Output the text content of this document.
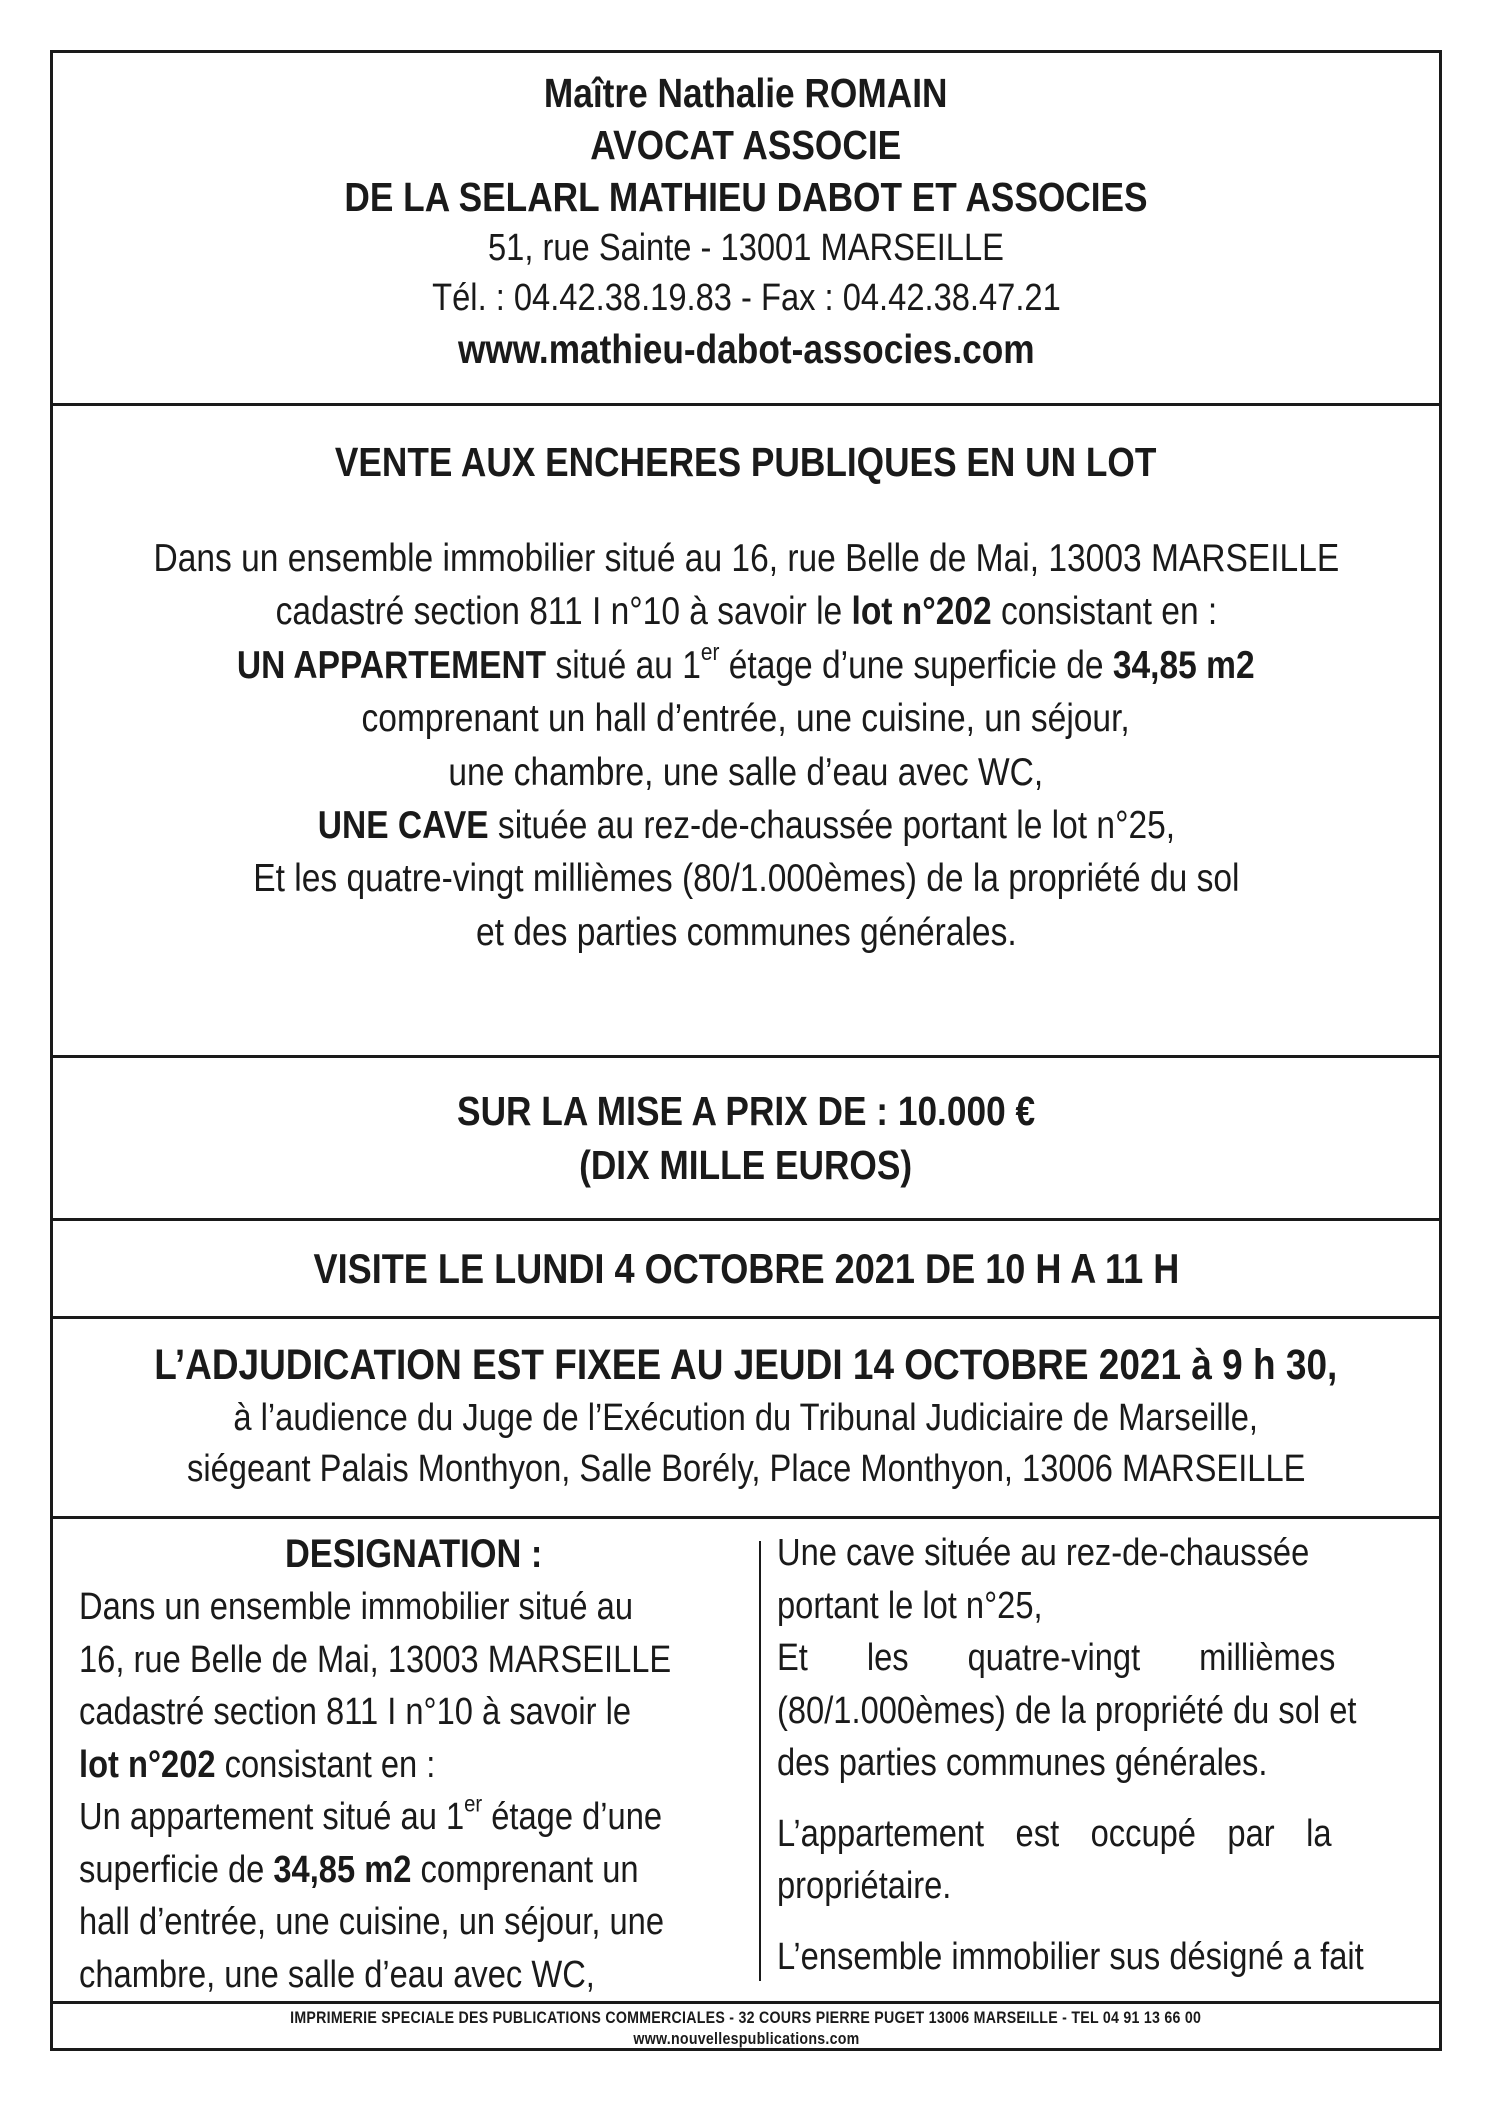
Maître Nathalie ROMAIN
AVOCAT ASSOCIE
DE LA SELARL MATHIEU DABOT ET ASSOCIES
51, rue Sainte - 13001 MARSEILLE
Tél. : 04.42.38.19.83 - Fax : 04.42.38.47.21
www.mathieu-dabot-associes.com
VENTE AUX ENCHERES PUBLIQUES EN UN LOT
Dans un ensemble immobilier situé au 16, rue Belle de Mai, 13003 MARSEILLE
cadastré section 811 I n°10 à savoir le lot n°202 consistant en :
UN APPARTEMENT situé au 1er étage d’une superficie de 34,85 m2
comprenant un hall d’entrée, une cuisine, un séjour,
une chambre, une salle d’eau avec WC,
UNE CAVE située au rez-de-chaussée portant le lot n°25,
Et les quatre-vingt millièmes (80/1.000èmes) de la propriété du sol
et des parties communes générales.
SUR LA MISE A PRIX DE : 10.000 €
(DIX MILLE EUROS)
VISITE LE LUNDI 4 OCTOBRE 2021 DE 10 H A 11 H
L’ADJUDICATION EST FIXEE AU JEUDI 14 OCTOBRE 2021 à 9 h 30,
à l’audience du Juge de l’Exécution du Tribunal Judiciaire de Marseille,
siégeant Palais Monthyon, Salle Borély, Place Monthyon, 13006 MARSEILLE
DESIGNATION :
Dans un ensemble immobilier situé au
16, rue Belle de Mai, 13003 MARSEILLE
cadastré section 811 I n°10 à savoir le
lot n°202 consistant en :
Un appartement situé au 1er étage d’une
superficie de 34,85 m2 comprenant un
hall d’entrée, une cuisine, un séjour, une
chambre, une salle d’eau avec WC,
Une cave située au rez-de-chaussée
portant le lot n°25,
Et les quatre-vingt millièmes
(80/1.000èmes) de la propriété du sol et
des parties communes générales.
L’appartement est occupé par la
propriétaire.
L’ensemble immobilier sus désigné a fait
IMPRIMERIE SPECIALE DES PUBLICATIONS COMMERCIALES - 32 COURS PIERRE PUGET 13006 MARSEILLE - TEL 04 91 13 66 00
www.nouvellespublications.com
